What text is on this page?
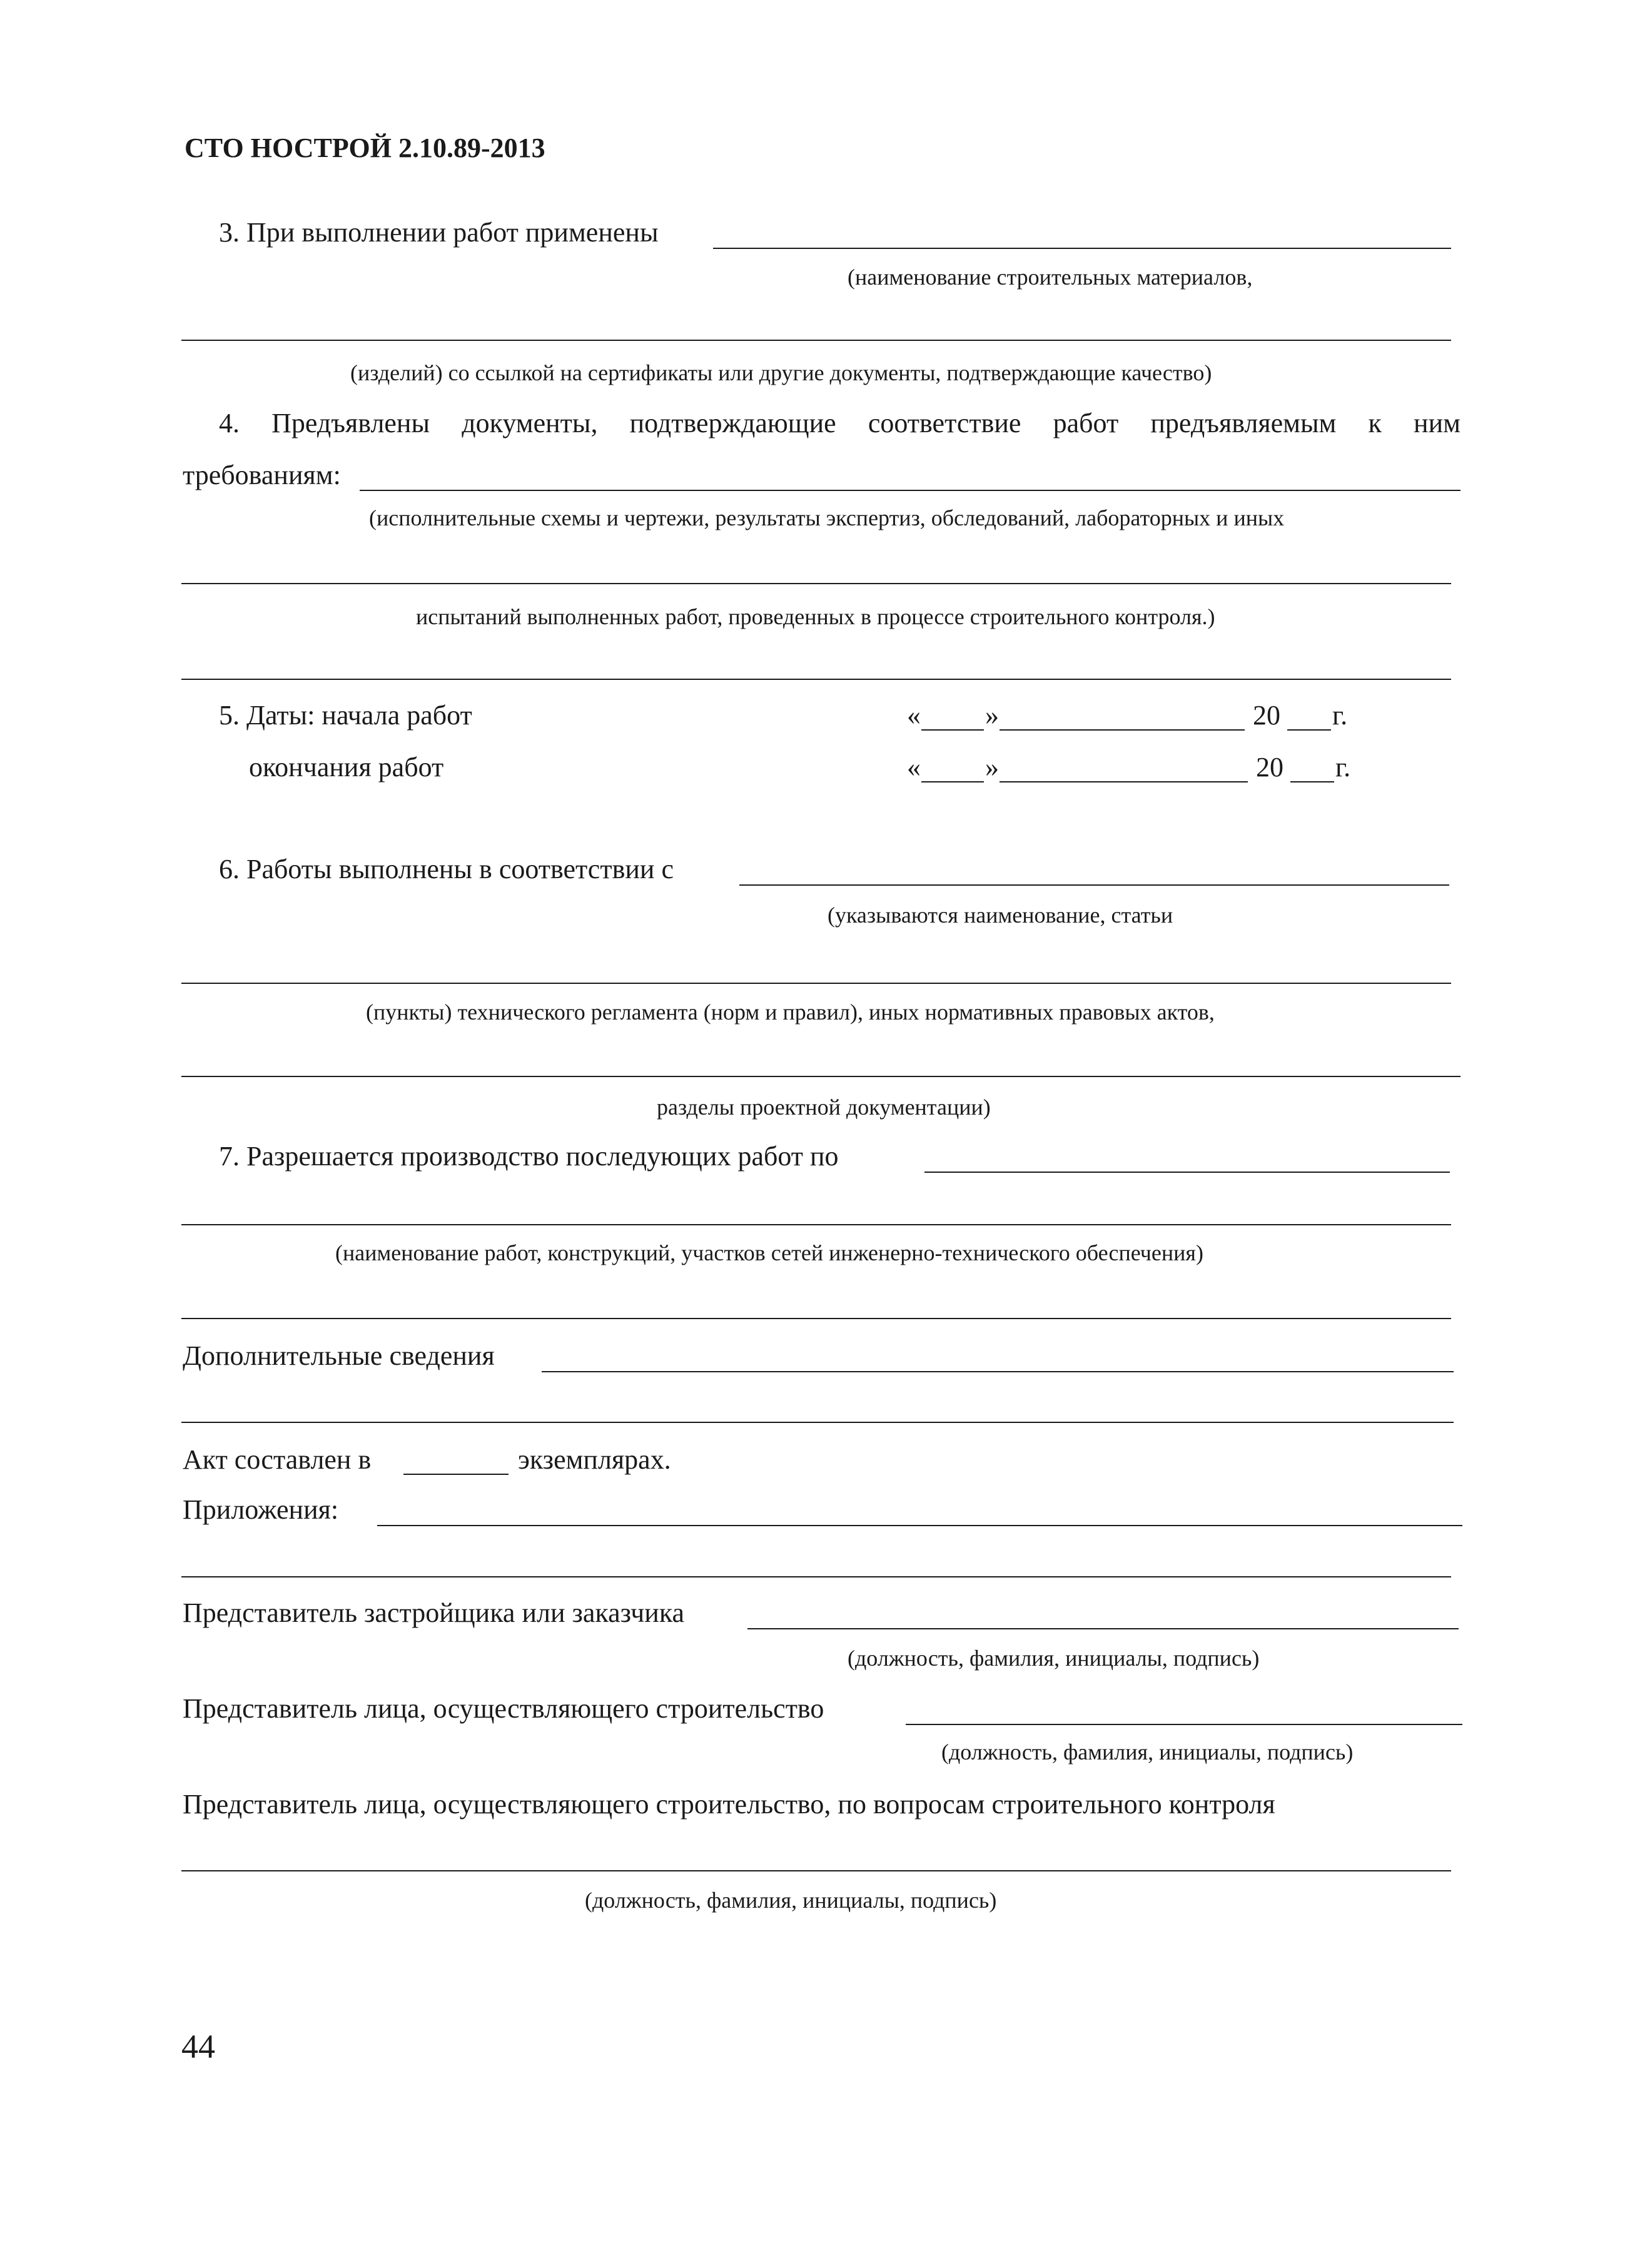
СТО НОСТРОЙ 2.10.89-2013
3. При выполнении работ применены
(наименование строительных материалов,
(изделий) со ссылкой на сертификаты или другие документы, подтверждающие качество)
4. Предъявлены документы, подтверждающие соответствие работ предъявляемым к ним
требованиям:
(исполнительные схемы и чертежи, результаты экспертиз, обследований, лабораторных и иных
испытаний выполненных работ, проведенных в процессе строительного контроля.)
5. Даты: начала работ	« »	20 г.
окончания работ	« »	20 г.
6. Работы выполнены в соответствии с
(указываются наименование, статьи
(пункты) технического регламента (норм и правил), иных нормативных правовых актов,
разделы проектной документации)
7. Разрешается производство последующих работ по
(наименование работ, конструкций, участков сетей инженерно-технического обеспечения)
Дополнительные сведения
Акт составлен в	экземплярах.
Приложения:
Представитель застройщика или заказчика
(должность, фамилия, инициалы, подпись)
Представитель лица, осуществляющего строительство
(должность, фамилия, инициалы, подпись)
Представитель лица, осуществляющего строительство, по вопросам строительного контроля
(должность, фамилия, инициалы, подпись)
44
